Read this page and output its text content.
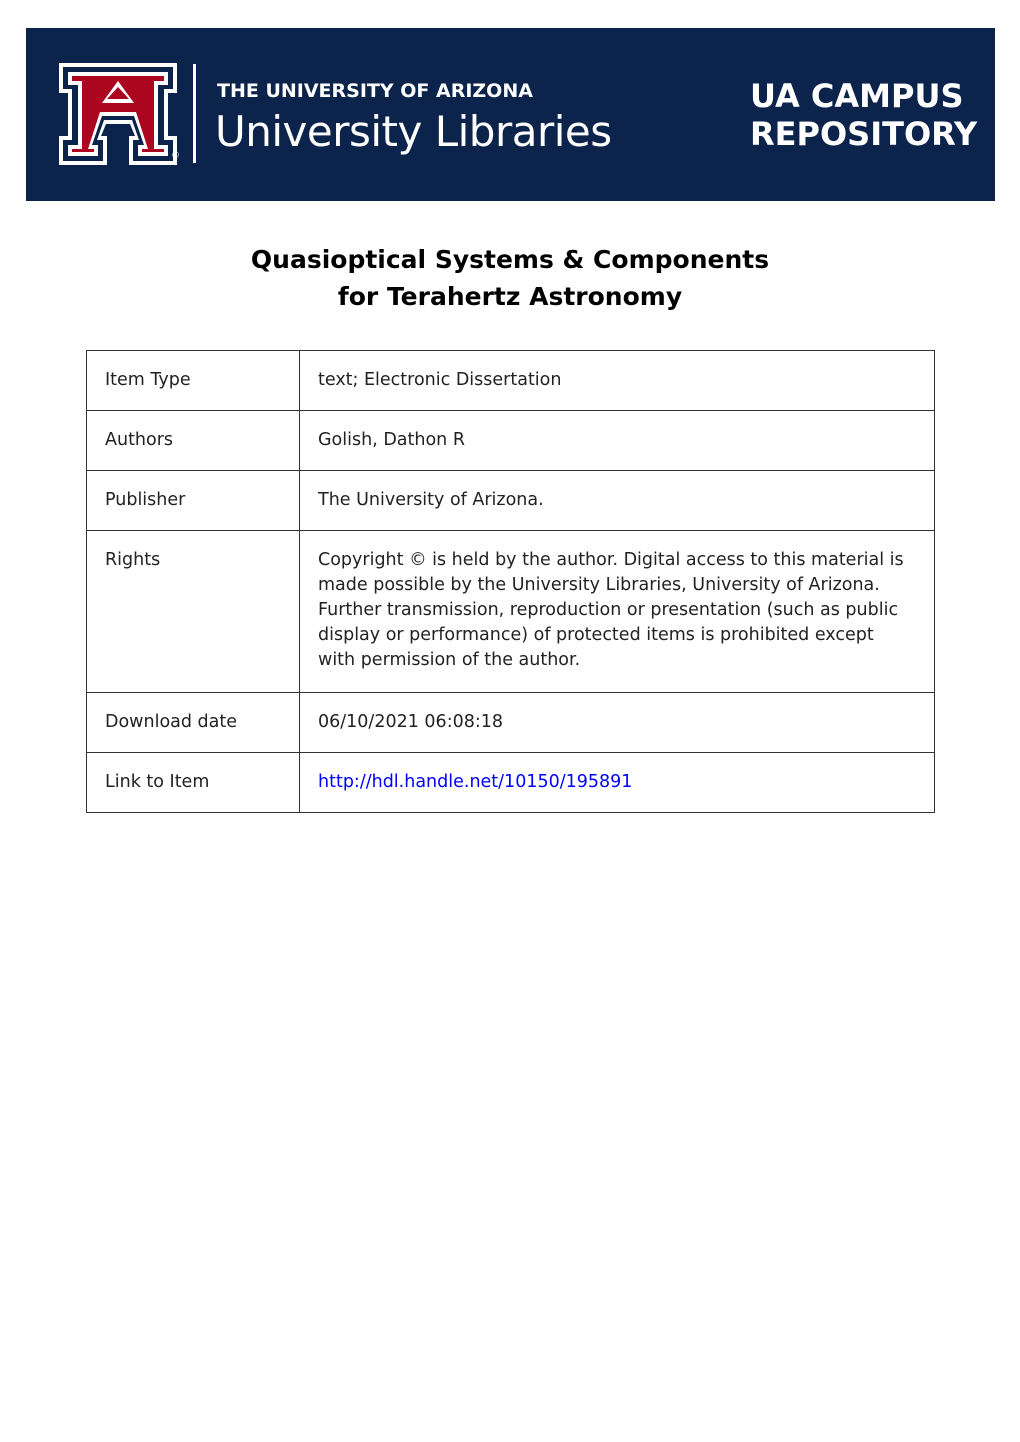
®
THE UNIVERSITY OF ARIZONA
University Libraries
UA CAMPUS
REPOSITORY
Quasioptical Systems & Components
for Terahertz Astronomy
Item Type	text; Electronic Dissertation
Authors	Golish, Dathon R
Publisher	The University of Arizona.
Rights	Copyright © is held by the author. Digital access to this material is made possible by the University Libraries, University of Arizona. Further transmission, reproduction or presentation (such as public display or performance) of protected items is prohibited except with permission of the author.
Download date	06/10/2021 06:08:18
Link to Item	http://hdl.handle.net/10150/195891
